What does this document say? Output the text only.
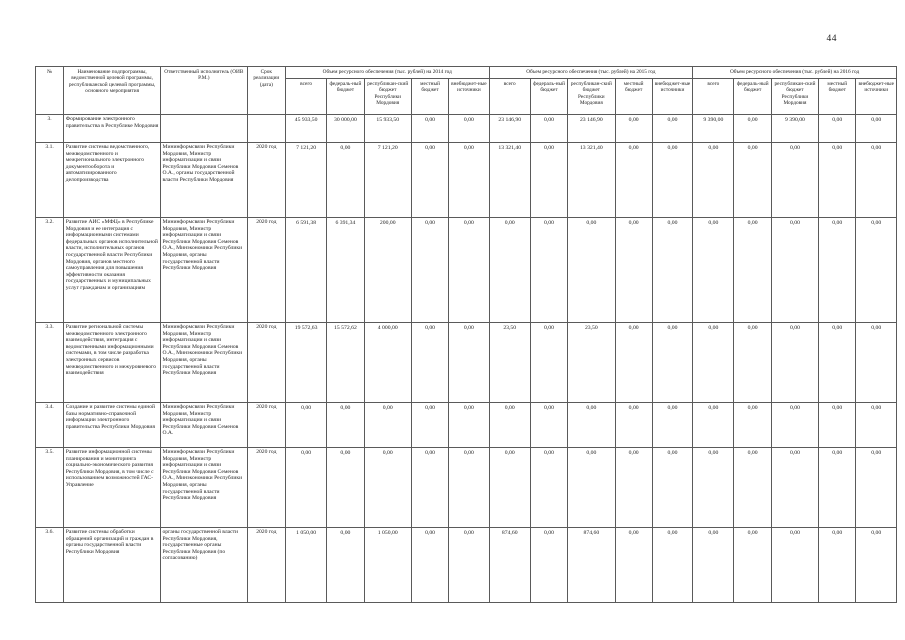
44
№	Наименование подпрограммы, ведомственной целевой программы, республиканской целевой программы, основного мероприятия	Ответственный исполнитель (ОИВ Р.М.)	Срок реализации (дата)	Объем ресурсного обеспечения (тыс. рублей) на 2014 год					Объем ресурсного обеспечения (тыс. рублей) на 2015 год					Объем ресурсного обеспечения (тыс. рублей) на 2016 год				
				всего	федераль-ный бюджет	республикан-ский бюджет Республики Мордовия	местный бюджет	внебюджет-ные источники	всего	федераль-ный бюджет	республикан-ский бюджет Республики Мордовия	местный бюджет	внебюджет-ные источники	всего	федераль-ный бюджет	республикан-ский бюджет Республики Мордовия	местный бюджет	внебюджет-ные источники
3.	Формирование электронного правительства в Республике Мордовия			45 933,50	30 000,00	15 933,50	0,00	0,00	23 146,90	0,00	23 146,90	0,00	0,00	9 390,00	0,00	9 390,00	0,00	0,00
3.1.	Развитие системы ведомственного, межведомственного и межрегионального электронного документооборота и автоматизированного делопроизводства	Мининформсвязи Республики Мордовия, Министр информатизации и связи Республики Мордовия Семенов О.А., органы государственной власти Республики Мордовия	2020 год	7 121,20	0,00	7 121,20	0,00	0,00	13 321,40	0,00	13 321,40	0,00	0,00	0,00	0,00	0,00	0,00	0,00
3.2.	Развитие АИС «МФЦ» в Республике Мордовия и ее интеграция с информационными системами федеральных органов исполнительной власти, исполнительных органов государственной власти Республики Мордовия, органов местного самоуправления для повышения эффективности оказания государственных и муниципальных услуг гражданам и организациям	Мининформсвязи Республики Мордовия, Министр информатизации и связи Республики Мордовия Семенов О.А., Минэкономики Республики Мордовия, органы государственной власти Республики Мордовия	2020 год	6 591,38	6 391,34	200,00	0,00	0,00	0,00	0,00	0,00	0,00	0,00	0,00	0,00	0,00	0,00	0,00
3.3.	Развитие региональной системы межведомственного электронного взаимодействия, интеграция с ведомственными информационными системами, в том числе разработка электронных сервисов межведомственного и межуровневого взаимодействия	Мининформсвязи Республики Мордовия, Министр информатизации и связи Республики Мордовия Семенов О.А., Минэкономики Республики Мордовия, органы государственной власти Республики Мордовия	2020 год	19 572,63	15 572,62	4 000,00	0,00	0,00	23,50	0,00	23,50	0,00	0,00	0,00	0,00	0,00	0,00	0,00
3.4.	Создание и развитие системы единой базы нормативно-справочной информации электронного правительства Республики Мордовия	Мининформсвязи Республики Мордовия, Министр информатизации и связи Республики Мордовия Семенов О.А.	2020 год	0,00	0,00	0,00	0,00	0,00	0,00	0,00	0,00	0,00	0,00	0,00	0,00	0,00	0,00	0,00
3.5.	Развитие информационной системы планирования и мониторинга социально-экономического развития Республики Мордовия, в том числе с использованием возможностей ГАС-Управление	Мининформсвязи Республики Мордовия, Министр информатизации и связи Республики Мордовия Семенов О.А., Минэкономики Республики Мордовия, органы государственной власти Республики Мордовия	2020 год	0,00	0,00	0,00	0,00	0,00	0,00	0,00	0,00	0,00	0,00	0,00	0,00	0,00	0,00	0,00
3.6.	Развитие системы обработки обращений организаций и граждан в органы государственной власти Республики Мордовия	органы государственной власти Республики Мордовия, государственные органы Республики Мордовия (по согласованию)	2020 год	1 050,00	0,00	1 050,00	0,00	0,00	874,60	0,00	874,60	0,00	0,00	0,00	0,00	0,00	0,00	0,00
